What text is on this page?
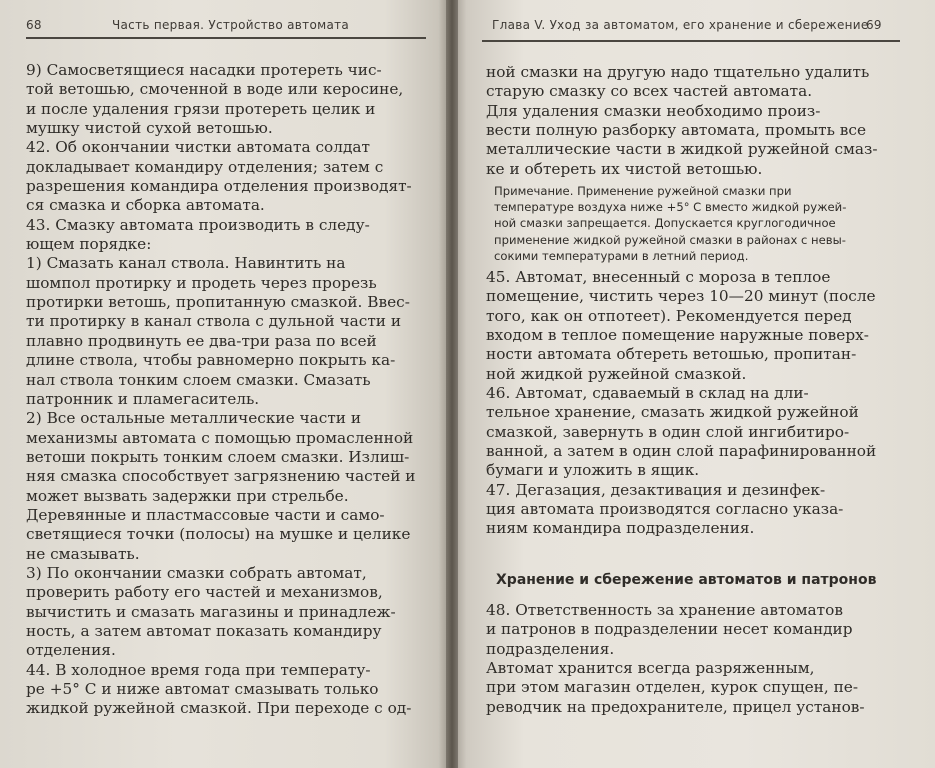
68	Часть первая. Устройство автомата
9) Самосветящиеся насадки протереть чис-
той ветошью, смоченной в воде или керосине,
и после удаления грязи протереть целик и
мушку чистой сухой ветошью.
42. Об окончании чистки автомата солдат
докладывает командиру отделения; затем с
разрешения командира отделения производят-
ся смазка и сборка автомата.
43. Смазку автомата производить в следу-
ющем порядке:
1) Смазать канал ствола. Навинтить на
шомпол протирку и продеть через прорезь
протирки ветошь, пропитанную смазкой. Ввес-
ти протирку в канал ствола с дульной части и
плавно продвинуть ее два-три раза по всей
длине ствола, чтобы равномерно покрыть ка-
нал ствола тонким слоем смазки. Смазать
патронник и пламегаситель.
2) Все остальные металлические части и
механизмы автомата с помощью промасленной
ветоши покрыть тонким слоем смазки. Излиш-
няя смазка способствует загрязнению частей и
может вызвать задержки при стрельбе.
Деревянные и пластмассовые части и само-
светящиеся точки (полосы) на мушке и целике
не смазывать.
3) По окончании смазки собрать автомат,
проверить работу его частей и механизмов,
вычистить и смазать магазины и принадлеж-
ность, а затем автомат показать командиру
отделения.
44. В холодное время года при температу-
ре +5° С и ниже автомат смазывать только
жидкой ружейной смазкой. При переходе с од-
Глава V. Уход за автоматом, его хранение и сбережение
69
ной смазки на другую надо тщательно удалить
старую смазку со всех частей автомата.
Для удаления смазки необходимо произ-
вести полную разборку автомата, промыть все
металлические части в жидкой ружейной смаз-
ке и обтереть их чистой ветошью.
Примечание. Применение ружейной смазки при
температуре воздуха ниже +5° С вместо жидкой ружей-
ной смазки запрещается. Допускается круглогодичное
применение жидкой ружейной смазки в районах с невы-
сокими температурами в летний период.
45. Автомат, внесенный с мороза в теплое
помещение, чистить через 10—20 минут (после
того, как он отпотеет). Рекомендуется перед
входом в теплое помещение наружные поверх-
ности автомата обтереть ветошью, пропитан-
ной жидкой ружейной смазкой.
46. Автомат, сдаваемый в склад на дли-
тельное хранение, смазать жидкой ружейной
смазкой, завернуть в один слой ингибитиро-
ванной, а затем в один слой парафинированной
бумаги и уложить в ящик.
47. Дегазация, дезактивация и дезинфек-
ция автомата производятся согласно указа-
ниям командира подразделения.
Хранение и сбережение автоматов и патронов
48. Ответственность за хранение автоматов
и патронов в подразделении несет командир
подразделения.
Автомат хранится всегда разряженным,
при этом магазин отделен, курок спущен, пе-
реводчик на предохранителе, прицел установ-
